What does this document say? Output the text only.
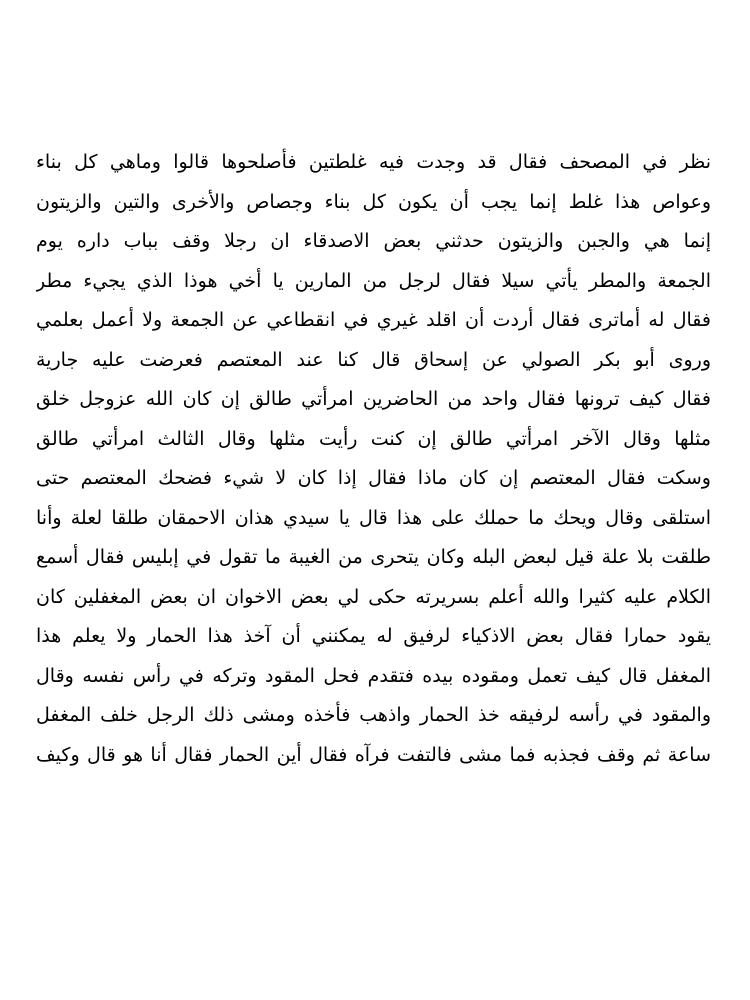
نظر في المصحف فقال قد وجدت فيه غلطتين فأصلحوها قالوا وماهي كل بناء
وعواص هذا غلط إنما يجب أن يكون كل بناء وجصاص والأخرى والتين والزيتون
إنما هي والجبن والزيتون حدثني بعض الاصدقاء ان رجلا وقف بباب داره يوم
الجمعة والمطر يأتي سيلا فقال لرجل من المارين يا أخي هوذا الذي يجيء مطر
فقال له أماترى فقال أردت أن اقلد غيري في انقطاعي عن الجمعة ولا أعمل بعلمي
وروى أبو بكر الصولي عن إسحاق قال كنا عند المعتصم فعرضت عليه جارية
فقال كيف ترونها فقال واحد من الحاضرين امرأتي طالق إن كان الله عزوجل خلق
مثلها وقال الآخر امرأتي طالق إن كنت رأيت مثلها وقال الثالث امرأتي طالق
وسكت فقال المعتصم إن كان ماذا فقال إذا كان لا شيء فضحك المعتصم حتى
استلقى وقال ويحك ما حملك على هذا قال يا سيدي هذان الاحمقان طلقا لعلة وأنا
طلقت بلا علة قيل لبعض البله وكان يتحرى من الغيبة ما تقول في إبليس فقال أسمع
الكلام عليه كثيرا والله أعلم بسريرته حكى لي بعض الاخوان ان بعض المغفلين كان
يقود حمارا فقال بعض الاذكياء لرفيق له يمكنني أن آخذ هذا الحمار ولا يعلم هذا
المغفل قال كيف تعمل ومقوده بيده فتقدم فحل المقود وتركه في رأس نفسه وقال
والمقود في رأسه لرفيقه خذ الحمار واذهب فأخذه ومشى ذلك الرجل خلف المغفل
ساعة ثم وقف فجذبه فما مشى فالتفت فرآه فقال أين الحمار فقال أنا هو قال وكيف
